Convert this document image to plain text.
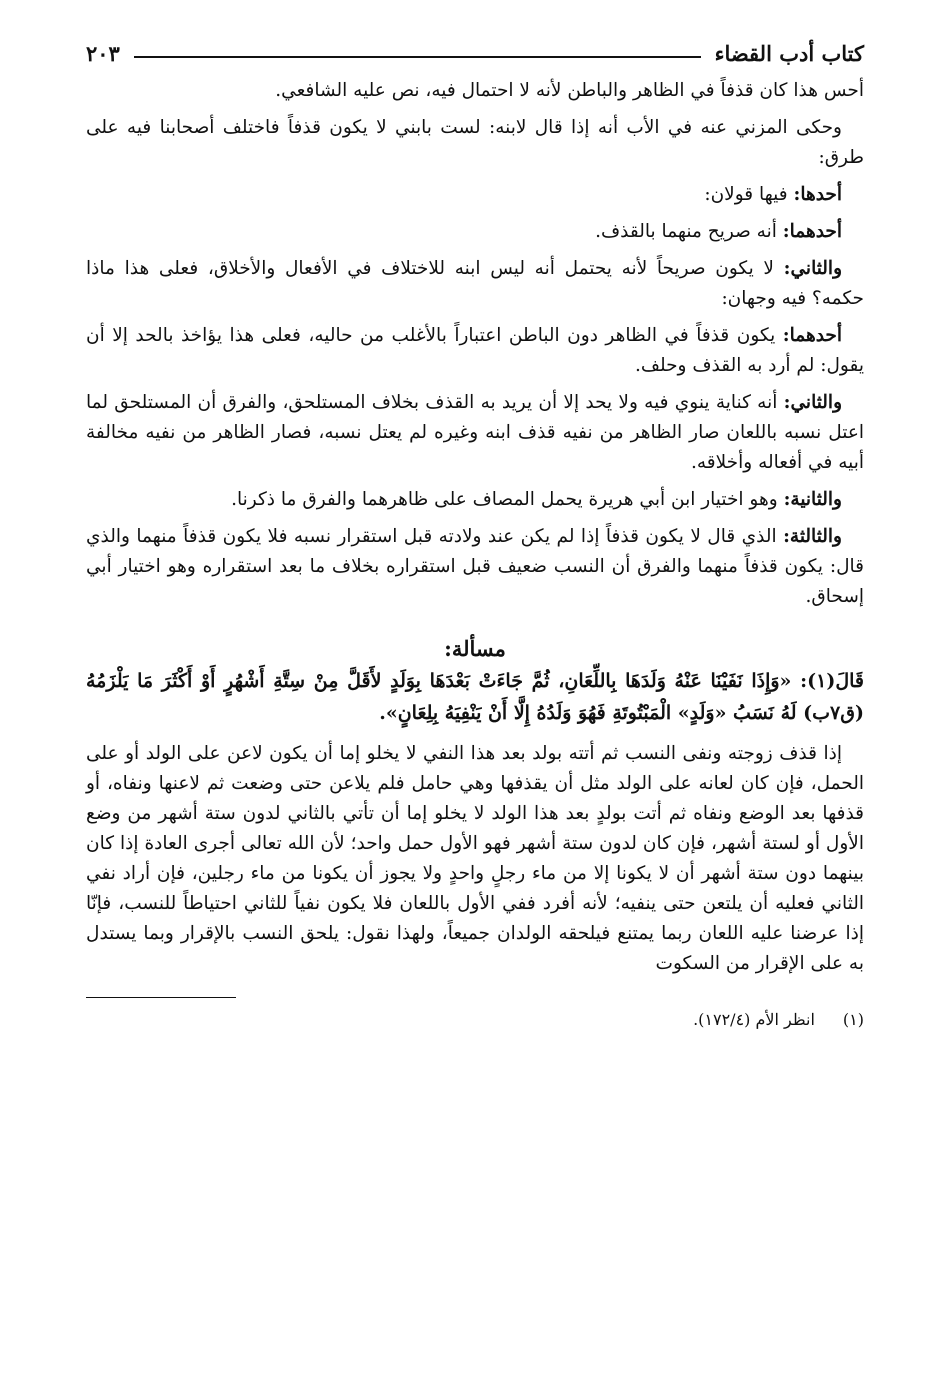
كتاب أدب القضاء
٢٠٣

أحس هذا كان قذفاً في الظاهر والباطن لأنه لا احتمال فيه، نص عليه الشافعي.

وحكى المزني عنه في الأب أنه إذا قال لابنه: لست بابني لا يكون قذفاً فاختلف أصحابنا فيه على طرق:

أحدها: فيها قولان:

أحدهما: أنه صريح منهما بالقذف.

والثاني: لا يكون صريحاً لأنه يحتمل أنه ليس ابنه للاختلاف في الأفعال والأخلاق، فعلى هذا ماذا حكمه؟ فيه وجهان:

أحدهما: يكون قذفاً في الظاهر دون الباطن اعتباراً بالأغلب من حاليه، فعلى هذا يؤاخذ بالحد إلا أن يقول: لم أرد به القذف وحلف.

والثاني: أنه كناية ينوي فيه ولا يحد إلا أن يريد به القذف بخلاف المستلحق، والفرق أن المستلحق لما اعتل نسبه باللعان صار الظاهر من نفيه قذف ابنه وغيره لم يعتل نسبه، فصار الظاهر من نفيه مخالفة أبيه في أفعاله وأخلاقه.

والثانية: وهو اختيار ابن أبي هريرة يحمل المصاف على ظاهرهما والفرق ما ذكرنا.

والثالثة: الذي قال لا يكون قذفاً إذا لم يكن عند ولادته قبل استقرار نسبه فلا يكون قذفاً منهما والذي قال: يكون قذفاً منهما والفرق أن النسب ضعيف قبل استقراره بخلاف ما بعد استقراره وهو اختيار أبي إسحاق.

مسألة:

قَالَ(١): «وَإِذَا نَفَيْنَا عَنْهُ وَلَدَهَا بِاللِّعَانِ، ثُمَّ جَاءَتْ بَعْدَهَا بِوَلَدٍ لأَقَلَّ مِنْ سِتَّةِ أَشْهُرٍ أَوْ أَكْثَرَ مَا يَلْزَمُهُ (ق٧ب) لَهُ نَسَبُ «وَلَدٍ» الْمَبْتُوتَةِ فَهُوَ وَلَدُهُ إِلَّا أَنْ يَنْفِيَهُ بِلِعَانٍ».

إذا قذف زوجته ونفى النسب ثم أتته بولد بعد هذا النفي لا يخلو إما أن يكون لاعن على الولد أو على الحمل، فإن كان لعانه على الولد مثل أن يقذفها وهي حامل فلم يلاعن حتى وضعت ثم لاعنها ونفاه، أو قذفها بعد الوضع ونفاه ثم أتت بولدٍ بعد هذا الولد لا يخلو إما أن تأتي بالثاني لدون ستة أشهر من وضع الأول أو لستة أشهر، فإن كان لدون ستة أشهر فهو الأول حمل واحد؛ لأن الله تعالى أجرى العادة إذا كان بينهما دون ستة أشهر أن لا يكونا إلا من ماء رجلٍ واحدٍ ولا يجوز أن يكونا من ماء رجلين، فإن أراد نفي الثاني فعليه أن يلتعن حتى ينفيه؛ لأنه أفرد ففي الأول باللعان فلا يكون نفياً للثاني احتياطاً للنسب، فإنّا إذا عرضنا عليه اللعان ربما يمتنع فيلحقه الولدان جميعاً، ولهذا نقول: يلحق النسب بالإقرار وبما يستدل به على الإقرار من السكوت

(١)
انظر الأم (١٧٢/٤).
